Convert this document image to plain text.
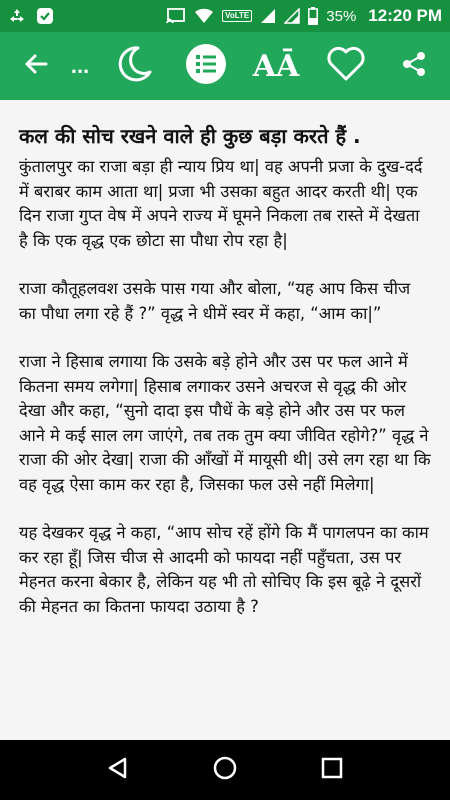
VoLTE	35% 12:20 PM
...	AĀ
कल की सोच रखने वाले ही कुछ बड़ा करते हैं .

कुंतालपुर का राजा बड़ा ही न्याय प्रिय था| वह अपनी प्रजा के दुख-दर्द में बराबर काम आता था| प्रजा भी उसका बहुत आदर करती थी| एक दिन राजा गुप्त वेष में अपने राज्य में घूमने निकला तब रास्ते में देखता है कि एक वृद्ध एक छोटा सा पौधा रोप रहा है|

राजा कौतूहलवश उसके पास गया और बोला, “यह आप किस चीज का पौधा लगा रहे हैं ?” वृद्ध ने धीमें स्वर में कहा, “आम का|”

राजा ने हिसाब लगाया कि उसके बड़े होने और उस पर फल आने में कितना समय लगेगा| हिसाब लगाकर उसने अचरज से वृद्ध की ओर देखा और कहा, “सुनो दादा इस पौधें के बड़े होने और उस पर फल आने मे कई साल लग जाएंगे, तब तक तुम क्या जीवित रहोगे?” वृद्ध ने राजा की ओर देखा| राजा की आँखों में मायूसी थी| उसे लग रहा था कि वह वृद्ध ऐसा काम कर रहा है, जिसका फल उसे नहीं मिलेगा|

यह देखकर वृद्ध ने कहा, “आप सोच रहें होंगे कि मैं पागलपन का काम कर रहा हूँ| जिस चीज से आदमी को फायदा नहीं पहुँचता, उस पर मेहनत करना बेकार है, लेकिन यह भी तो सोचिए कि इस बूढ़े ने दूसरों की मेहनत का कितना फायदा उठाया है ?
